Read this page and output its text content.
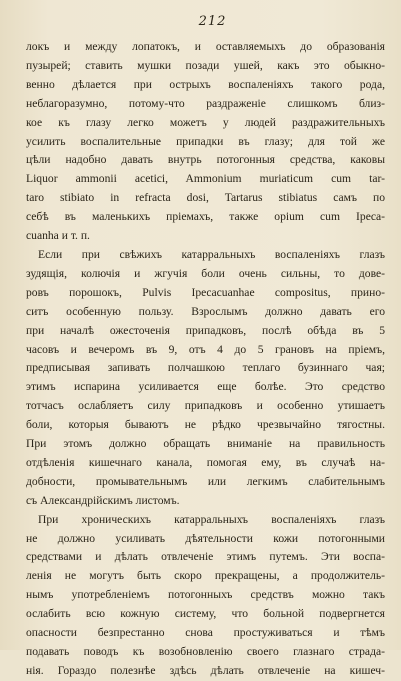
212
локъ и между лопатокъ, и оставляемыхъ до образованія
пузырей; ставить мушки позади ушей, какъ это обыкно-
венно дѣлается при острыхъ воспаленіяхъ такого рода,
неблагоразумно, потому-что раздраженіе слишкомъ близ-
кое къ глазу легко можетъ у людей раздражительныхъ
усилить воспалительные припадки въ глазу; для той же
цѣли надобно давать внутрь потогонныя средства, каковы
Liquor ammonii acetici, Ammonium muriaticum cum tar-
taro stibiato in refracta dosi, Tartarus stibiatus самъ по
себѣ въ маленькихъ пріемахъ, также opium cum Ipeca-
cuanha и т. п.
Если при свѣжихъ катарральныхъ воспаленіяхъ глазъ
зудящія, колючія и жгучія боли очень сильны, то дове-
ровъ порошокъ, Pulvis Ipecacuanhae compositus, прино-
ситъ особенную пользу. Взрослымъ должно давать его
при началѣ ожесточенія припадковъ, послѣ обѣда въ 5
часовъ и вечеромъ въ 9, отъ 4 до 5 грановъ на пріемъ,
предписывая запивать полчашкою теплаго бузиннаго чая;
этимъ испарина усиливается еще болѣе. Это средство
тотчасъ ослабляетъ силу припадковъ и особенно утишаетъ
боли, которыя бываютъ не рѣдко чрезвычайно тягостны.
При этомъ должно обращать вниманіе на правильность
отдѣленія кишечнаго канала, помогая ему, въ случаѣ на-
добности, промывательнымъ или легкимъ слабительнымъ
съ Александрійскимъ листомъ.
При хроническихъ катарральныхъ воспаленіяхъ глазъ
не должно усиливать дѣятельности кожи потогонными
средствами и дѣлать отвлеченіе этимъ путемъ. Эти воспа-
ленія не могутъ быть скоро прекращены, а продолжитель-
нымъ употребленіемъ потогонныхъ средствъ можно такъ
ослабить всю кожную систему, что больной подвергнется
опасности безпрестанно снова простуживаться и тѣмъ
подавать поводъ къ возобновленію своего глазнаго страда-
нія. Гораздо полезнѣе здѣсь дѣлать отвлеченіе на кишеч-
